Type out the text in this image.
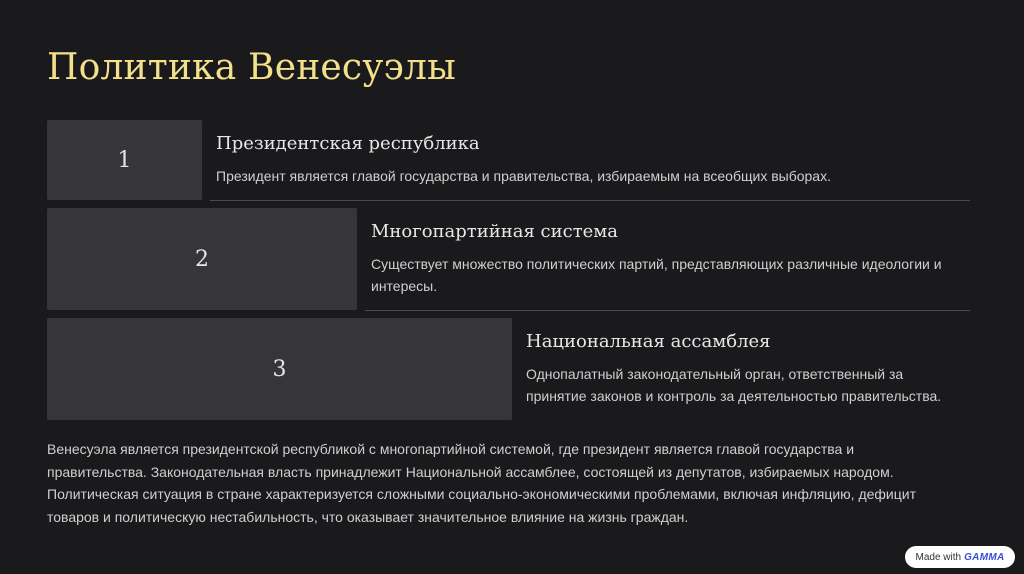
Политика Венесуэлы
1
Президентская республика

Президент является главой государства и правительства, избираемым на всеобщих выборах.

2
Многопартийная система

Существует множество политических партий, представляющих различные идеологии и интересы.

3
Национальная ассамблея

Однопалатный законодательный орган, ответственный за принятие законов и контроль за деятельностью правительства.

Венесуэла является президентской республикой с многопартийной системой, где президент является главой государства и правительства. Законодательная власть принадлежит Национальной ассамблее, состоящей из депутатов, избираемых народом. Политическая ситуация в стране характеризуется сложными социально-экономическими проблемами, включая инфляцию, дефицит товаров и политическую нестабильность, что оказывает значительное влияние на жизнь граждан.

Made with GAMMA
